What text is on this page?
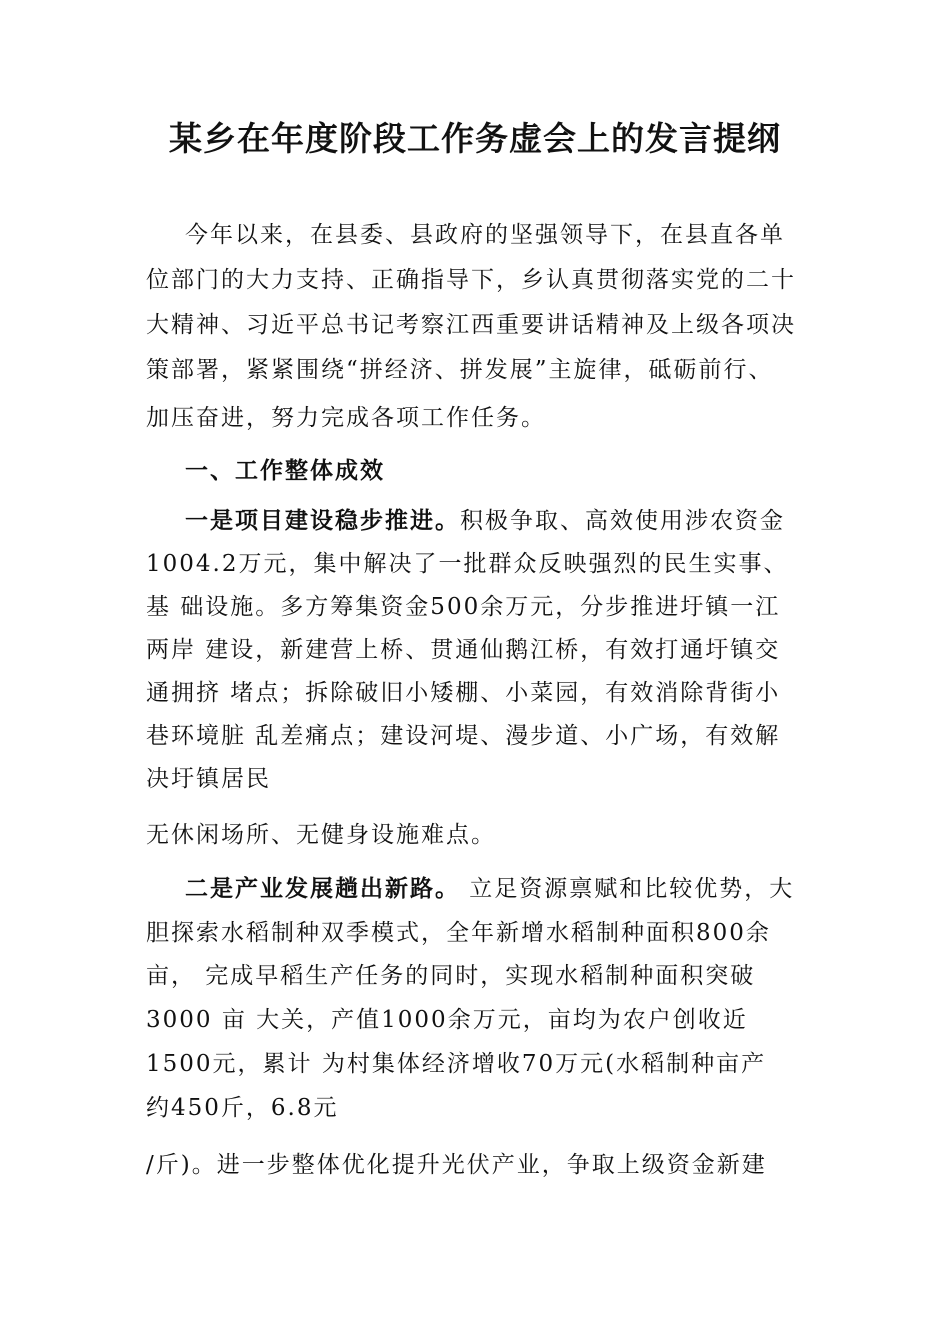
某乡在年度阶段工作务虚会上的发言提纲
今年以来，在县委、县政府的坚强领导下，在县直各单
位部门的大力支持、正确指导下，乡认真贯彻落实党的二十
大精神、习近平总书记考察江西重要讲话精神及上级各项决
策部署，紧紧围绕“拼经济、拼发展”主旋律，砥砺前行、
加压奋进，努力完成各项工作任务。
一、工作整体成效
一是项目建设稳步推进。积极争取、高效使用涉农资金
1004.2万元，集中解决了一批群众反映强烈的民生实事、
基 础设施。多方筹集资金500余万元，分步推进圩镇一江
两岸 建设，新建营上桥、贯通仙鹅江桥，有效打通圩镇交
通拥挤 堵点；拆除破旧小矮棚、小菜园，有效消除背街小
巷环境脏 乱差痛点；建设河堤、漫步道、小广场，有效解
决圩镇居民
无休闲场所、无健身设施难点。
二是产业发展趟出新路。 立足资源禀赋和比较优势，大
胆探索水稻制种双季模式，全年新增水稻制种面积800余
亩， 完成早稻生产任务的同时，实现水稻制种面积突破
3000 亩 大关，产值1000余万元，亩均为农户创收近
1500元，累计 为村集体经济增收70万元(水稻制种亩产
约450斤，6.8元
/斤)。进一步整体优化提升光伏产业，争取上级资金新建
